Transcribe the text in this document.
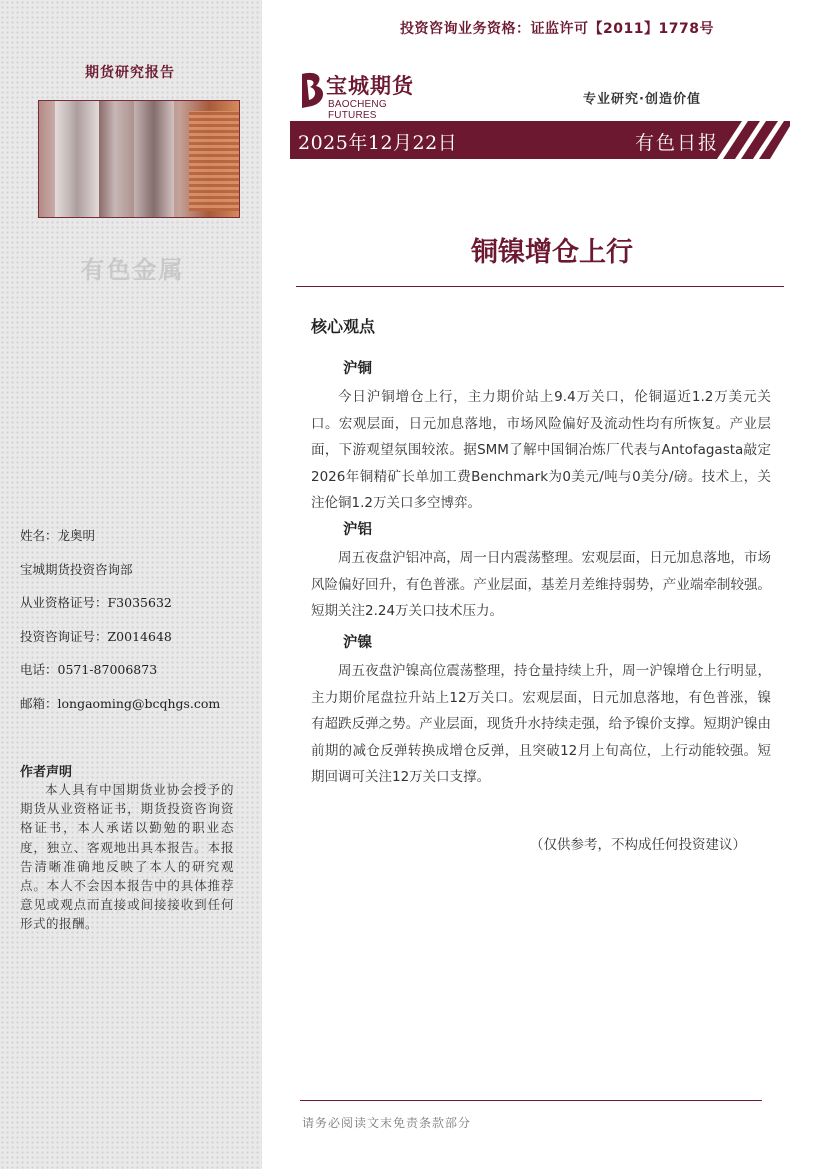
期货研究报告
有色金属
姓名：龙奥明
宝城期货投资咨询部
从业资格证号：F3035632
投资咨询证号：Z0014648
电话：0571-87006873
邮箱：longaoming@bcqhgs.com
作者声明
本人具有中国期货业协会授予的期货从业资格证书，期货投资咨询资格证书，本人承诺以勤勉的职业态度，独立、客观地出具本报告。本报告清晰准确地反映了本人的研究观点。本人不会因本报告中的具体推荐意见或观点而直接或间接接收到任何形式的报酬。
投资咨询业务资格：证监许可【2011】1778号
宝城期货
BAOCHENG FUTURES
专业研究·创造价值
2025年12月22日	有色日报
铜镍增仓上行
核心观点
沪铜
今日沪铜增仓上行，主力期价站上9.4万关口，伦铜逼近1.2万美元关口。宏观层面，日元加息落地，市场风险偏好及流动性均有所恢复。产业层面，下游观望氛围较浓。据SMM了解中国铜冶炼厂代表与Antofagasta敲定2026年铜精矿长单加工费Benchmark为0美元/吨与0美分/磅。技术上，关注伦铜1.2万关口多空博弈。
沪铝
周五夜盘沪铝冲高，周一日内震荡整理。宏观层面，日元加息落地，市场风险偏好回升，有色普涨。产业层面，基差月差维持弱势，产业端牵制较强。短期关注2.24万关口技术压力。
沪镍
周五夜盘沪镍高位震荡整理，持仓量持续上升，周一沪镍增仓上行明显，主力期价尾盘拉升站上12万关口。宏观层面，日元加息落地，有色普涨，镍有超跌反弹之势。产业层面，现货升水持续走强，给予镍价支撑。短期沪镍由前期的减仓反弹转换成增仓反弹，且突破12月上旬高位，上行动能较强。短期回调可关注12万关口支撑。
（仅供参考，不构成任何投资建议）
请务必阅读文末免责条款部分
